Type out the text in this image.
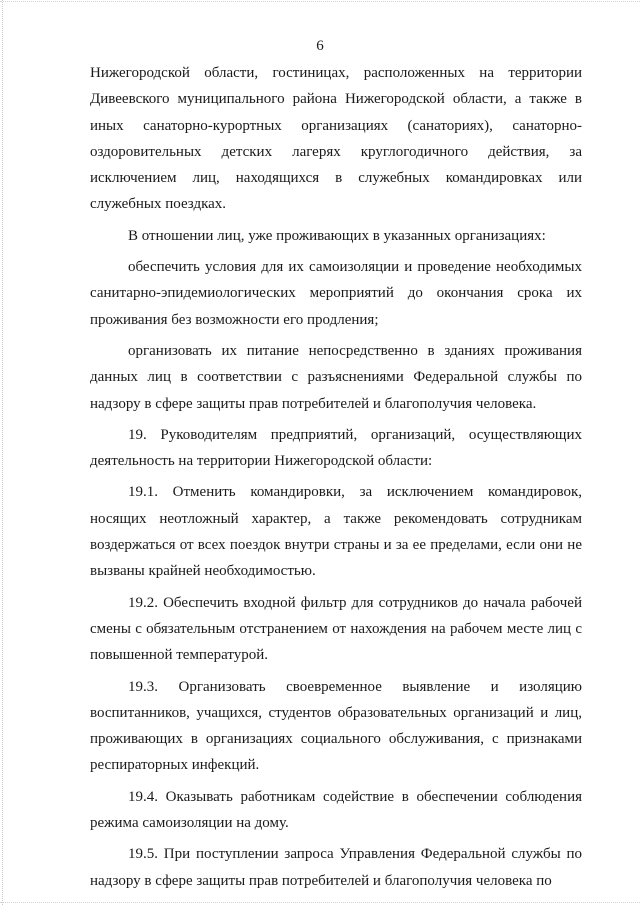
6

Нижегородской области, гостиницах, расположенных на территории Дивеевского муниципального района Нижегородской области, а также в иных санаторно-курортных организациях (санаториях), санаторно-оздоровительных детских лагерях круглогодичного действия, за исключением лиц, находящихся в служебных командировках или служебных поездках.

В отношении лиц, уже проживающих в указанных организациях:

обеспечить условия для их самоизоляции и проведение необходимых санитарно-эпидемиологических мероприятий до окончания срока их проживания без возможности его продления;

организовать их питание непосредственно в зданиях проживания данных лиц в соответствии с разъяснениями Федеральной службы по надзору в сфере защиты прав потребителей и благополучия человека.

19. Руководителям предприятий, организаций, осуществляющих деятельность на территории Нижегородской области:

19.1. Отменить командировки, за исключением командировок, носящих неотложный характер, а также рекомендовать сотрудникам воздержаться от всех поездок внутри страны и за ее пределами, если они не вызваны крайней необходимостью.

19.2. Обеспечить входной фильтр для сотрудников до начала рабочей смены с обязательным отстранением от нахождения на рабочем месте лиц с повышенной температурой.

19.3. Организовать своевременное выявление и изоляцию воспитанников, учащихся, студентов образовательных организаций и лиц, проживающих в организациях социального обслуживания, с признаками респираторных инфекций.

19.4. Оказывать работникам содействие в обеспечении соблюдения режима самоизоляции на дому.

19.5. При поступлении запроса Управления Федеральной службы по надзору в сфере защиты прав потребителей и благополучия человека по
